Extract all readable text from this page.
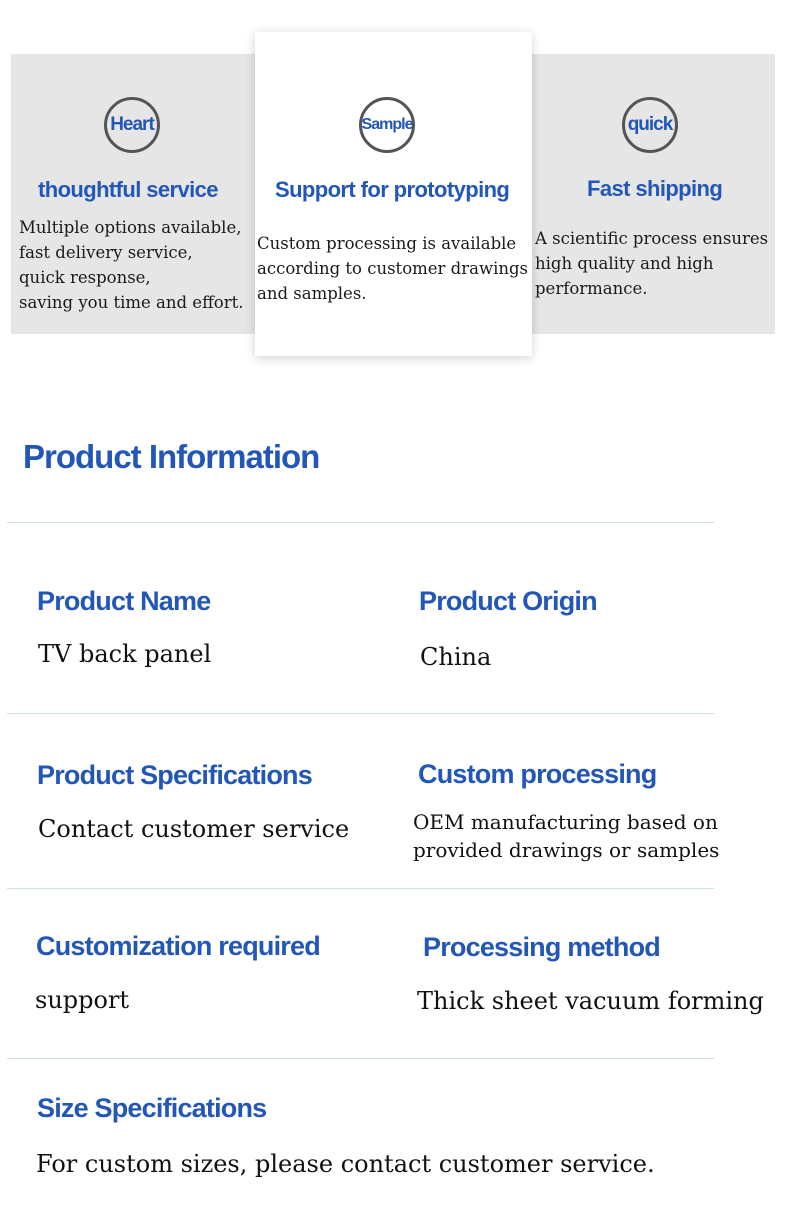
Heart
thoughtful service
Multiple options available,
fast delivery service,
quick response,
saving you time and effort.
Sample
Support for prototyping
Custom processing is available
according to customer drawings
and samples.
quick
Fast shipping
A scientific process ensures
high quality and high
performance.
Product Information
Product Name
TV back panel
Product Origin
China
Product Specifications
Contact customer service
Custom processing
OEM manufacturing based on
provided drawings or samples
Customization required
support
Processing method
Thick sheet vacuum forming
Size Specifications
For custom sizes, please contact customer service.
